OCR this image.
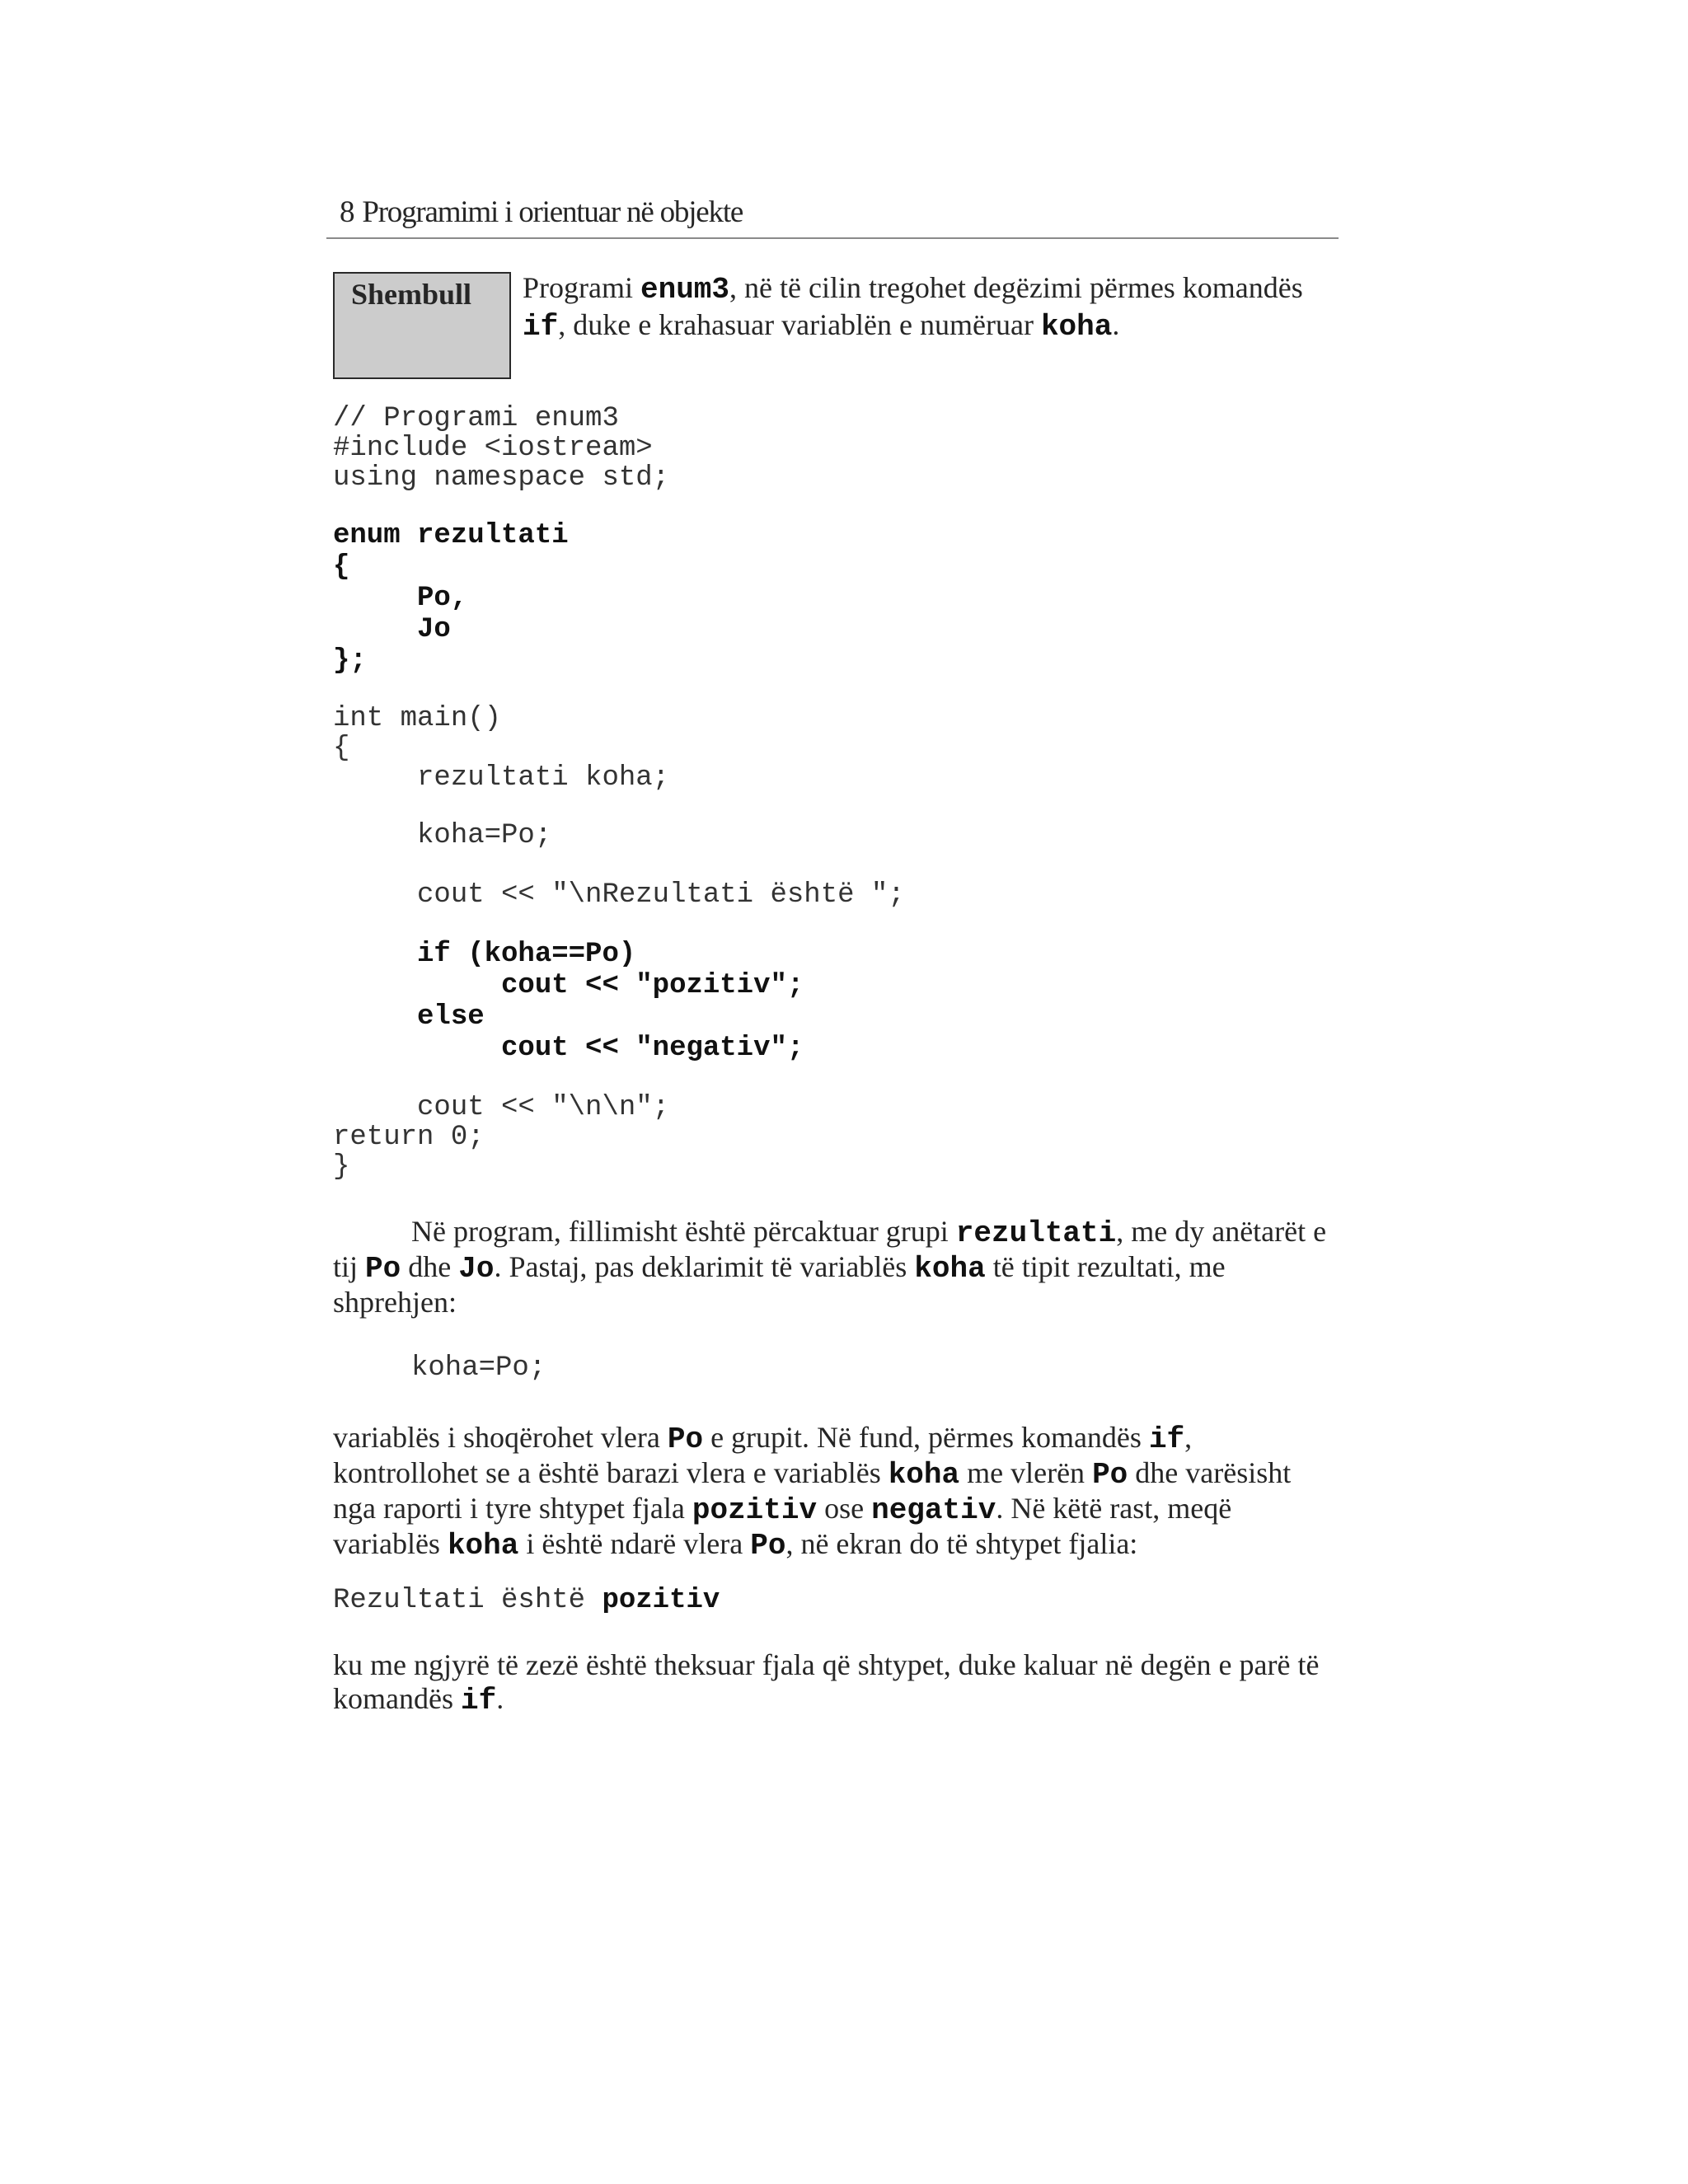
8 Programimi i orientuar në objekte
Shembull Programi enum3, në të cilin tregohet degëzimi përmes komandës if, duke e krahasuar variablën e numëruar koha.
// Programi enum3
#include <iostream>
using namespace std;
enum rezultati
{
Po,
Jo
};
int main()
{
rezultati koha;
koha=Po;
cout << "\nRezultati është ";
if (koha==Po)
cout << "pozitiv";
else
cout << "negativ";
cout << "\n\n";
return 0;
}

Në program, fillimisht është përcaktuar grupi rezultati, me dy anëtarët e tij Po dhe Jo. Pastaj, pas deklarimit të variablës koha të tipit rezultati, me shprehjen:

koha=Po;

variablës i shoqërohet vlera Po e grupit. Në fund, përmes komandës if, kontrollohet se a është barazi vlera e variablës koha me vlerën Po dhe varësisht nga raporti i tyre shtypet fjala pozitiv ose negativ. Në këtë rast, meqë variablës koha i është ndarë vlera Po, në ekran do të shtypet fjalia:

Rezultati është pozitiv

ku me ngjyrë të zezë është theksuar fjala që shtypet, duke kaluar në degën e parë të komandës if.
